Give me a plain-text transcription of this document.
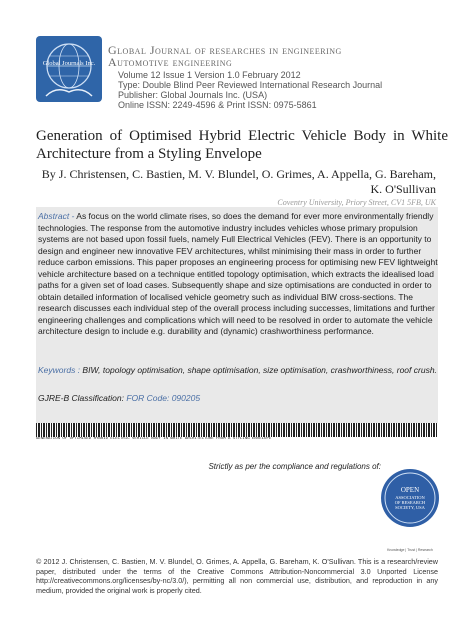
Global Journals Inc.
Global Journal of researches in engineering
Automotive engineering
Volume 12 Issue 1 Version 1.0 February 2012
Type: Double Blind Peer Reviewed International Research Journal
Publisher: Global Journals Inc. (USA)
Online ISSN: 2249-4596 & Print ISSN: 0975-5861
Generation of Optimised Hybrid Electric Vehicle Body in White Architecture from a Styling Envelope
By J. Christensen, C. Bastien, M. V. Blundel, O. Grimes, A. Appella, G. Bareham, K. O'Sullivan
Coventry University, Priory Street, CV1 5FB, UK
Abstract - As focus on the world climate rises, so does the demand for ever more environmentally friendly technologies. The response from the automotive industry includes vehicles whose primary propulsion systems are not based upon fossil fuels, namely Full Electrical Vehicles (FEV). There is an opportunity to design and engineer new innovative FEV architectures, whilst minimising their mass in order to further reduce carbon emissions. This paper proposes an engineering process for optimising new FEV lightweight vehicle architecture based on a technique entitled topology optimisation, which extracts the idealised load paths for a given set of load cases. Subsequently shape and size optimisations are conducted in order to obtain detailed information of localised vehicle geometry such as individual BIW cross-sections. The research discusses each individual step of the overall process including successes, limitations and further engineering challenges and complications which will need to be resolved in order to automate the vehicle architecture design to include e.g. durability and (dynamic) crashworthiness performance.
Keywords : BIW, topology optimisation, shape optimisation, size optimisation, crashworthiness, roof crush.
GJRE-B Classification: FOR Code: 090205
GENERATION OF OPTIMISED HYBRID ELECTRIC VEHICLE BODY IN WHITE ARCHITECTURE FROM A STYLING ENVELOPE
Strictly as per the compliance and regulations of:
OPEN
ASSOCIATION
OF RESEARCH
SOCIETY, USA
Knowledge | Trust | Research
© 2012 J. Christensen, C. Bastien, M. V. Blundel, O. Grimes, A. Appella, G. Bareham, K. O'Sullivan. This is a research/review paper, distributed under the terms of the Creative Commons Attribution-Noncommercial 3.0 Unported License http://creativecommons.org/licenses/by-nc/3.0/), permitting all non commercial use, distribution, and reproduction in any medium, provided the original work is properly cited.
